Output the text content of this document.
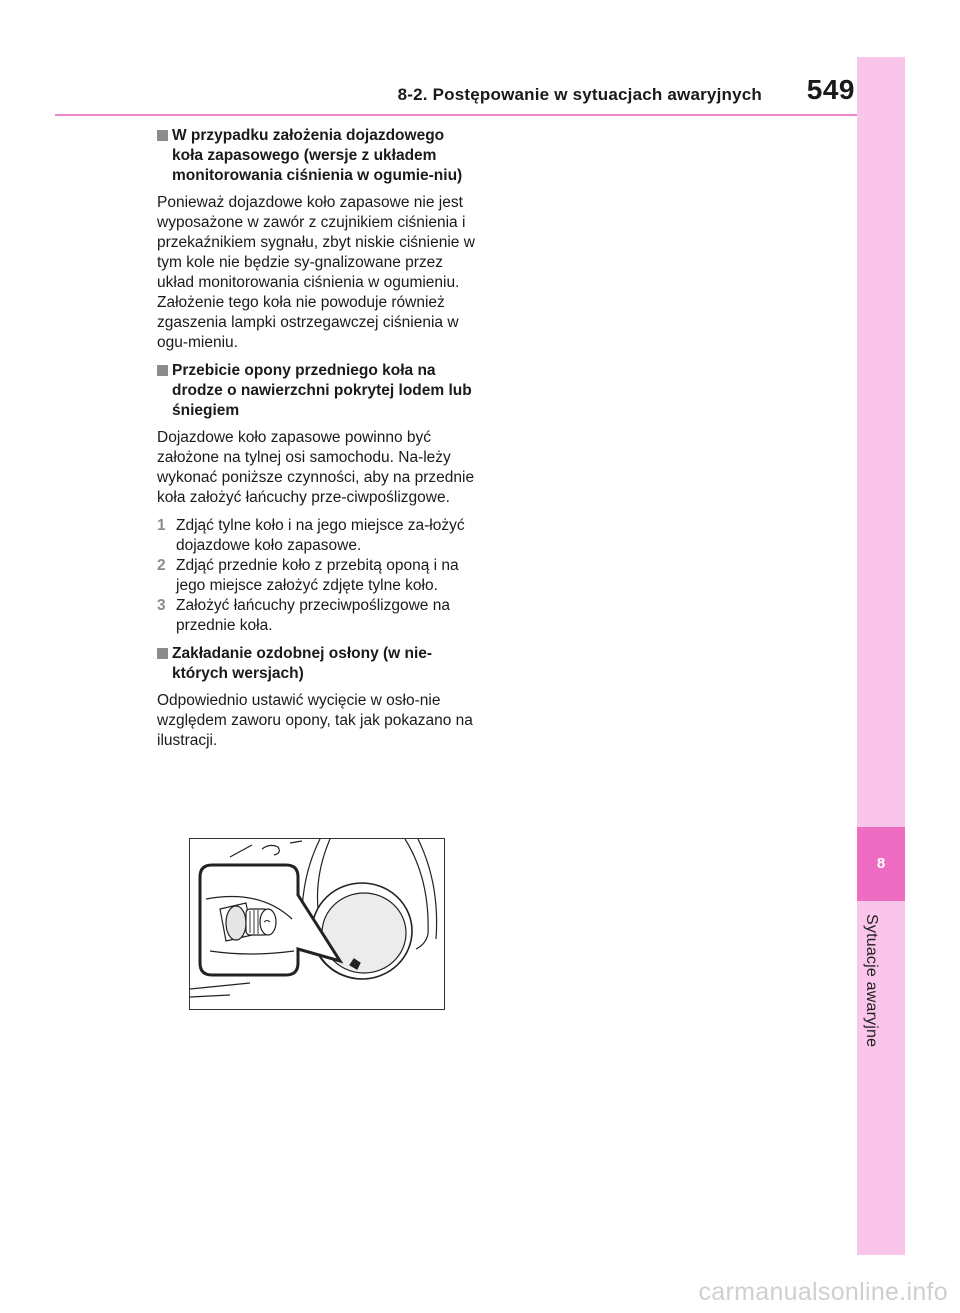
8-2. Postępowanie w sytuacjach awaryjnych 549
8
Sytuacje awaryjne
W przypadku założenia dojazdowego koła zapasowego (wersje z układem monitorowania ciśnienia w ogumie-niu)
Ponieważ dojazdowe koło zapasowe nie jest wyposażone w zawór z czujnikiem ciśnienia i przekaźnikiem sygnału, zbyt niskie ciśnienie w tym kole nie będzie sy-gnalizowane przez układ monitorowania ciśnienia w ogumieniu. Założenie tego koła nie powoduje również zgaszenia lampki ostrzegawczej ciśnienia w ogu-mieniu.
Przebicie opony przedniego koła na drodze o nawierzchni pokrytej lodem lub śniegiem
Dojazdowe koło zapasowe powinno być założone na tylnej osi samochodu. Na-leży wykonać poniższe czynności, aby na przednie koła założyć łańcuchy prze-ciwpoślizgowe.
1 Zdjąć tylne koło i na jego miejsce za-łożyć dojazdowe koło zapasowe.
2 Zdjąć przednie koło z przebitą oponą i na jego miejsce założyć zdjęte tylne koło.
3 Założyć łańcuchy przeciwpoślizgowe na przednie koła.
Zakładanie ozdobnej osłony (w nie-których wersjach)
Odpowiednio ustawić wycięcie w osło-nie względem zaworu opony, tak jak pokazano na ilustracji.
carmanualsonline.info
